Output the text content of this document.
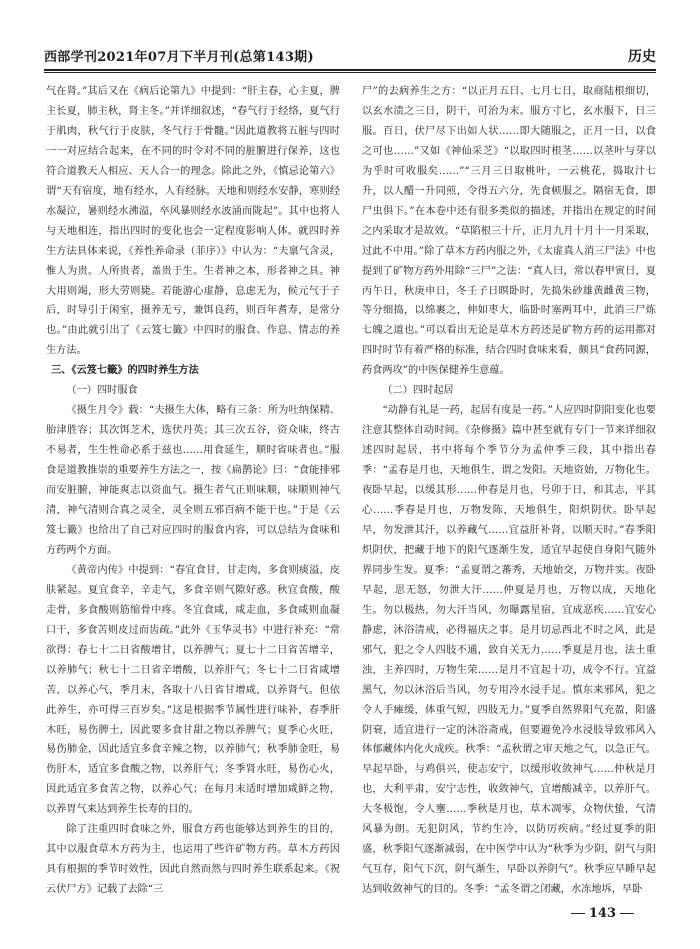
西部学刊2021年07月下半月刊(总第143期)	历史

气在肾。”其后又在《病后论第九》中提到：“肝主春，心主夏，脾主长夏，肺主秋，肾主冬。”并详细叙述，“春气行于经络，夏气行于肌肉，秋气行于皮肤，冬气行于骨髓。”因此道教将五脏与四时一一对应结合起来，在不同的时令对不同的脏腑进行保养，这也符合道教天人相应、天人合一的理念。除此之外，《慎忌论第六》谓“天有宿度，地有经水，人有经脉。天地和则经水安静，寒则经水凝泣，暑则经水沸溢，卒风暴则经水波涌而陇起”。其中也将人与天地相连，指出四时的变化也会一定程度影响人体。就四时养生方法具体来说，《养性养命录（菲序）》中认为：“夫禀气含灵，惟人为贵。人所贵者，盖贵于生。生者神之本，形者神之具。神大用则竭，形大劳则毙。若能游心虚静，息虑无为，候元气于子后，时导引于闲室，摄养无亏，兼饵良药，则百年耆寿，是常分也。”由此就引出了《云笈七籤》中四时的服食、作息、情志的养生方法。

三、《云笈七籤》的四时养生方法

（一）四时服食

《摄生月令》载：“夫摄生大体，略有三条：所为吐纳保精、胎津胜容；其次饵芝术，选伏丹英；其三次五谷，资众味，终古不易者，生生性命必系于兹也……用食延生，顺时省味者也。”服食是道教推崇的重要养生方法之一，按《扁鹊论》曰：“食能排邪而安脏腑，神能爽志以资血气。摄生者气正则味顺，味顺则神气清，神气清则合真之灵全，灵全则五邪百病不能干也。”于是《云笈七籤》也给出了自己对应四时的服食内容，可以总结为食味和方药两个方面。

《黄帝内传》中提到：“春宜食甘，甘走肉，多食则痰溢，皮肤紧起。夏宜食辛，辛走气，多食辛则气隙好惑。秋宜食酸，酸走骨，多食酸则筋缩骨中疼。冬宜食咸，咸走血，多食咸则血凝口干，多食苦则皮过而齿疏。”此外《玉华灵书》中进行补充：“常欲得：春七十二日省酸增甘，以养脾气；夏七十二日省苦增辛，以养肺气；秋七十二日省辛增酸，以养肝气；冬七十二日省咸增苦，以养心气，季月末，各取十八日省甘增咸，以养肾气。但依此养生，亦可得三百岁矣。”这是根据季节属性进行味补，春季肝木旺，易伤脾土，因此要多食甘甜之物以养脾气；夏季心火旺，易伤肺金，因此适宜多食辛辣之物，以养肺气；秋季肺金旺，易伤肝木，适宜多食酸之物，以养肝气；冬季肾水旺，易伤心火，因此适宜多食苦之物，以养心气；在每月末适时增加咸鲜之物，以养胃气来达到养生长寿的目的。

除了注重四时食味之外，服食方药也能够达到养生的目的，其中以服食草木方药为主，也运用了些许矿物方药。草木方药因具有根据的季节时效性，因此自然而然与四时养生联系起来。《祝云伏尸方》记载了去除“三

尸”的去病养生之方：“以正月五日、七月七日，取商陆根细切，以玄水渍之三日，阴干，可治为末。服方寸匕，玄水服下，日三服。百日，伏尸尽下出如人状……即大随服之，正月一日，以食之可也……”又如《神仙采芝》“以取四时根茎……以茎叶与芽以为乎时可收服矣……”“三月三日取桃叶，一云桃花，捣取汁七升，以人醋一升同煎，令得五六分，先食顿服之。隔宿无食，即尸虫俱下。”在本卷中还有很多类似的描述，并指出在规定的时间之内采取才是故效。“草陷根三十斤，正月九月十月十一月采取，过此不中用。”除了草木方药内服之外，《太虚真人消三尸法》中也提到了矿物方药外用除“三尸”之法：“真人曰，常以春甲寅日，夏丙午日，秋庚申日，冬壬子日暝卧时，先捣朱砂雄黄雌黄三物，等分细捣，以绵裹之，伸如枣大，临卧时塞两耳中，此消三尸炼七魄之道也。”可以看出无论是草木方药还是矿物方药的运用都对四时时节有着严格的标准，结合四时食味来看，颇具“食药同源，药食两攻”的中医保健养生意蕴。

（二）四时起居

“动静有礼是一药，起居有度是一药。”人应四时阴阳变化也要注意其整体自动时间。《杂修摄》篇中甚至就有专门一节来详细叙述四时起居，书中将每个季节分为孟仲季三段，其中指出春季：“孟春是月也，天地俱生，谓之发阳。天地资始，万物化生。夜卧早起，以缓其形……仲春是月也，号卯于日，和其志，平其心……季春是月也，万物发陈，天地俱生，阳炽阴伏。卧早起早，勿发泄其汗，以养藏气……宜益肝补肾，以顺天时。”春季阳炽阴伏，把藏于地下的阳气逐渐生发，适宜早起使自身阳气随外界同步生发。夏季：“孟夏谓之蕃秀，天地始交，万物并实。夜卧早起，思无怒，勿泄大汗……仲夏是月也，万物以成，天地化生。勿以极热，勿大汗当风，勿曝露星宿，宜成恶疾……宜安心静虑，沐浴清戒，必得福庆之事。是月切忌西北不时之风，此是邪气，犯之令人四肢不通，致自关无力……季夏是月也，法土重浊，主养四时，万物生荣……是月不宜起十功，成令不行。宜益黑气，勿以沐浴后当风，勿专用冷水浸手足。慎东来邪风，犯之令人手瘫缓，体重气短，四肢无力。”夏季自然界阳气充盈，阳盛阴衰，适宜进行一定的沐浴斋戒，但要避免冷水浸肢导致邪风入体郁藏体内化火成疾。秋季：“孟秋谓之审天地之气，以急正气。早起早卧，与鸡俱兴，使志安宁，以缓形收敛神气……仲秋是月也，大利平肃，安宁志性，收敛神气，宜增酸减辛，以养肝气。大冬极饱，令人壅……季秋是月也，草木凋零，众物伏蛰，气清风暴为朗。无犯阴风，节约生冷，以防厉疾病。”经过夏季的阳盛，秋季阳气逐渐减弱，在中医学中认为“秋季为少阴，阴气与阳气互存，阳气下沉，阴气渐生，早卧以养阴气”。秋季应早睡早起达到收敛神气的目的。冬季：“孟冬谓之闭藏，水冻地坼，早卧

143
